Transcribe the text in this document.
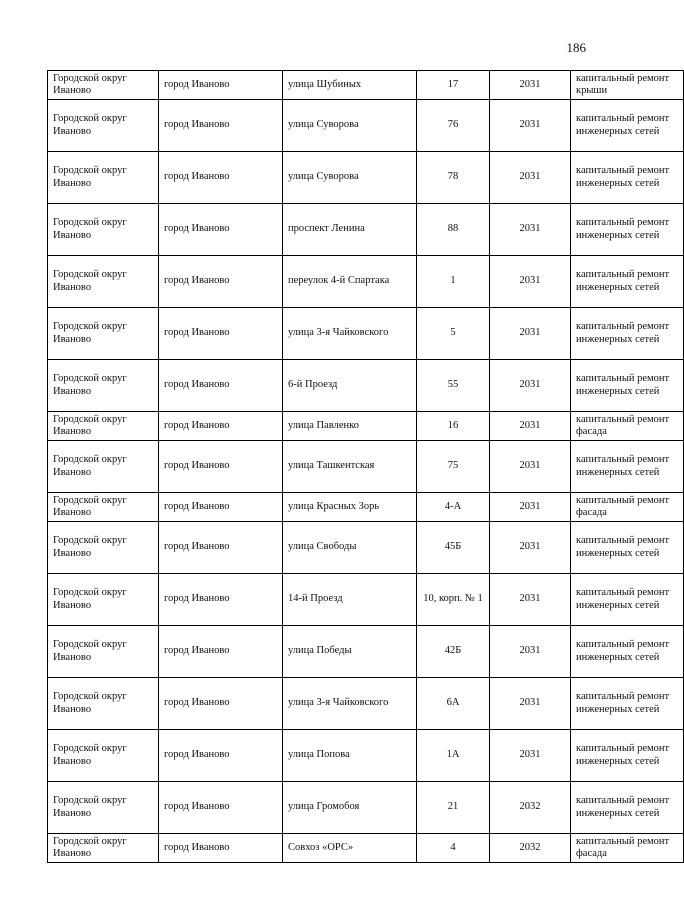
186
Городской округ Иваново	город Иваново	улица Шубиных	17	2031	капитальный ремонт крыши
Городской округ Иваново	город Иваново	улица Суворова	76	2031	капитальный ремонт инженерных сетей
Городской округ Иваново	город Иваново	улица Суворова	78	2031	капитальный ремонт инженерных сетей
Городской округ Иваново	город Иваново	проспект Ленина	88	2031	капитальный ремонт инженерных сетей
Городской округ Иваново	город Иваново	переулок 4-й Спартака	1	2031	капитальный ремонт инженерных сетей
Городской округ Иваново	город Иваново	улица 3-я Чайковского	5	2031	капитальный ремонт инженерных сетей
Городской округ Иваново	город Иваново	6-й Проезд	55	2031	капитальный ремонт инженерных сетей
Городской округ Иваново	город Иваново	улица Павленко	16	2031	капитальный ремонт фасада
Городской округ Иваново	город Иваново	улица Ташкентская	75	2031	капитальный ремонт инженерных сетей
Городской округ Иваново	город Иваново	улица Красных Зорь	4-А	2031	капитальный ремонт фасада
Городской округ Иваново	город Иваново	улица Свободы	45Б	2031	капитальный ремонт инженерных сетей
Городской округ Иваново	город Иваново	14-й Проезд	10, корп. № 1	2031	капитальный ремонт инженерных сетей
Городской округ Иваново	город Иваново	улица Победы	42Б	2031	капитальный ремонт инженерных сетей
Городской округ Иваново	город Иваново	улица 3-я Чайковского	6А	2031	капитальный ремонт инженерных сетей
Городской округ Иваново	город Иваново	улица Попова	1А	2031	капитальный ремонт инженерных сетей
Городской округ Иваново	город Иваново	улица Громобоя	21	2032	капитальный ремонт инженерных сетей
Городской округ Иваново	город Иваново	Совхоз «ОРС»	4	2032	капитальный ремонт фасада
